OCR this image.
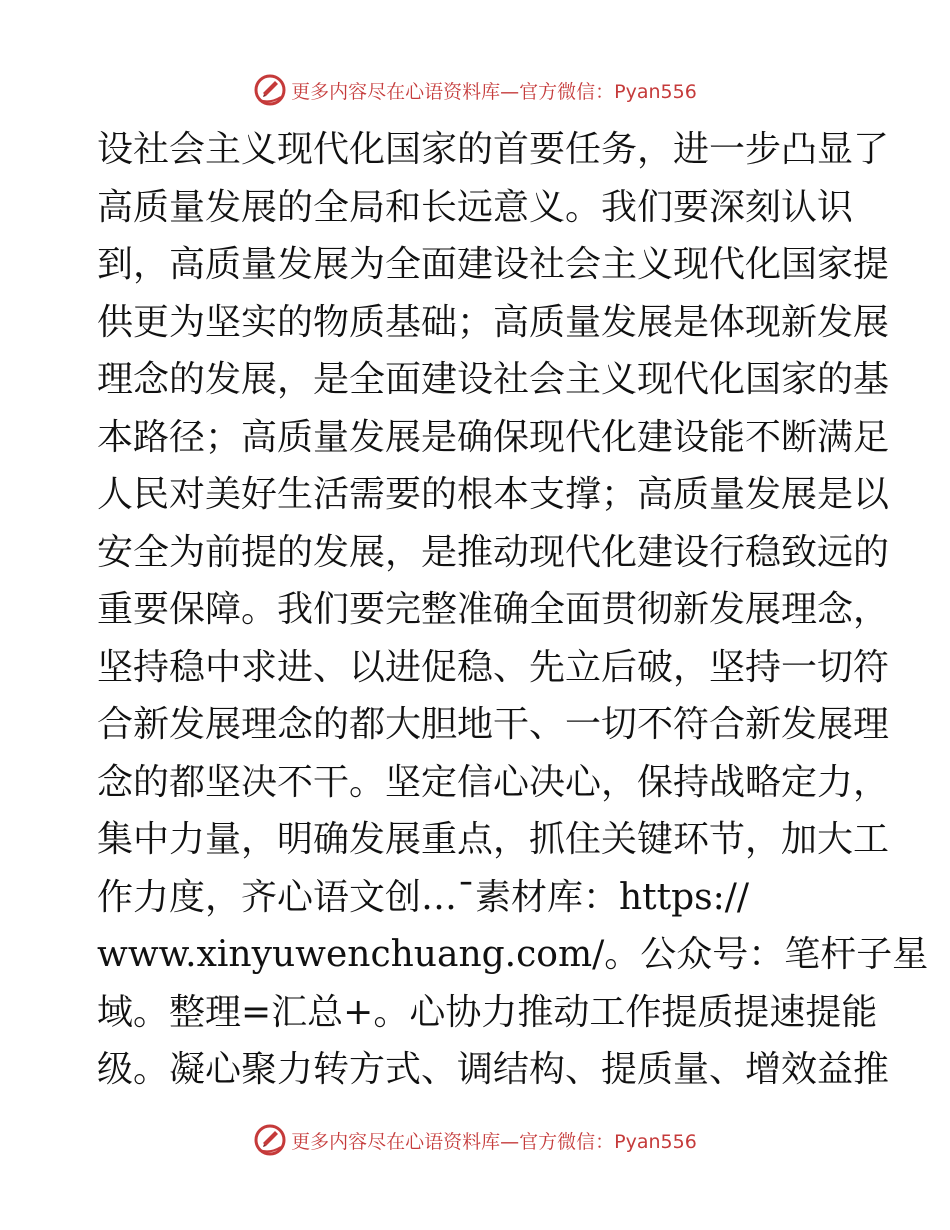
更多内容尽在心语资料库—官方微信：Pyan556
设社会主义现代化国家的首要任务，进一步凸显了
高质量发展的全局和长远意义。我们要深刻认识
到，高质量发展为全面建设社会主义现代化国家提
供更为坚实的物质基础；高质量发展是体现新发展
理念的发展，是全面建设社会主义现代化国家的基
本路径；高质量发展是确保现代化建设能不断满足
人民对美好生活需要的根本支撑；高质量发展是以
安全为前提的发展，是推动现代化建设行稳致远的
重要保障。我们要完整准确全面贯彻新发展理念，
坚持稳中求进、以进促稳、先立后破，坚持一切符
合新发展理念的都大胆地干、一切不符合新发展理
念的都坚决不干。坚定信心决心，保持战略定力，
集中力量，明确发展重点，抓住关键环节，加大工
作力度，齐心语文创…¯素材库：https://
www.xinyuwenchuang.com/。公众号：笔杆子星
域。整理=汇总+。心协力推动工作提质提速提能
级。凝心聚力转方式、调结构、提质量、增效益推
更多内容尽在心语资料库—官方微信：Pyan556
